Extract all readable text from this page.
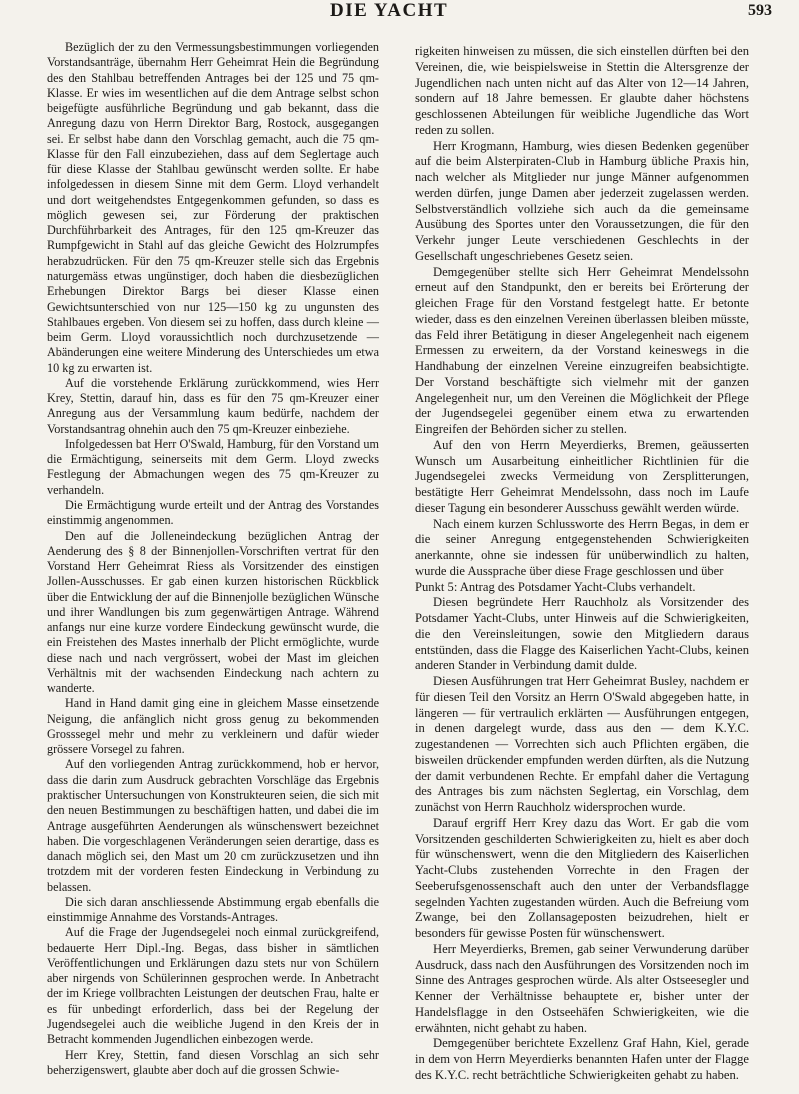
DIE YACHT	593

Bezüglich der zu den Vermessungsbestimmungen vorliegenden Vorstandsanträge, übernahm Herr Geheimrat Hein die Begründung des den Stahlbau betreffenden Antrages bei der 125 und 75 qm-Klasse. Er wies im wesentlichen auf die dem Antrage selbst schon beigefügte ausführliche Begründung und gab bekannt, dass die Anregung dazu von Herrn Direktor Barg, Rostock, ausgegangen sei. Er selbst habe dann den Vorschlag gemacht, auch die 75 qm-Klasse für den Fall einzubeziehen, dass auf dem Seglertage auch für diese Klasse der Stahlbau gewünscht werden sollte. Er habe infolgedessen in diesem Sinne mit dem Germ. Lloyd verhandelt und dort weitgehendstes Entgegenkommen gefunden, so dass es möglich gewesen sei, zur Förderung der praktischen Durchführbarkeit des Antrages, für den 125 qm-Kreuzer das Rumpfgewicht in Stahl auf das gleiche Gewicht des Holzrumpfes herabzudrücken. Für den 75 qm-Kreuzer stelle sich das Ergebnis naturgemäss etwas ungünstiger, doch haben die diesbezüglichen Erhebungen Direktor Bargs bei dieser Klasse einen Gewichtsunterschied von nur 125—150 kg zu ungunsten des Stahlbaues ergeben. Von diesem sei zu hoffen, dass durch kleine — beim Germ. Lloyd voraussichtlich noch durchzusetzende — Abänderungen eine weitere Minderung des Unterschiedes um etwa 10 kg zu erwarten ist.

Auf die vorstehende Erklärung zurückkommend, wies Herr Krey, Stettin, darauf hin, dass es für den 75 qm-Kreuzer einer Anregung aus der Versammlung kaum bedürfe, nachdem der Vorstandsantrag ohnehin auch den 75 qm-Kreuzer einbeziehe.

Infolgedessen bat Herr O'Swald, Hamburg, für den Vorstand um die Ermächtigung, seinerseits mit dem Germ. Lloyd zwecks Festlegung der Abmachungen wegen des 75 qm-Kreuzer zu verhandeln.

Die Ermächtigung wurde erteilt und der Antrag des Vorstandes einstimmig angenommen.

Den auf die Jolleneindeckung bezüglichen Antrag der Aenderung des § 8 der Binnenjollen-Vorschriften vertrat für den Vorstand Herr Geheimrat Riess als Vorsitzender des einstigen Jollen-Ausschusses. Er gab einen kurzen historischen Rückblick über die Entwicklung der auf die Binnenjolle bezüglichen Wünsche und ihrer Wandlungen bis zum gegenwärtigen Antrage. Während anfangs nur eine kurze vordere Eindeckung gewünscht wurde, die ein Freistehen des Mastes innerhalb der Plicht ermöglichte, wurde diese nach und nach vergrössert, wobei der Mast im gleichen Verhältnis mit der wachsenden Eindeckung nach achtern zu wanderte.

Hand in Hand damit ging eine in gleichem Masse einsetzende Neigung, die anfänglich nicht gross genug zu bekommenden Grosssegel mehr und mehr zu verkleinern und dafür wieder grössere Vorsegel zu fahren.

Auf den vorliegenden Antrag zurückkommend, hob er hervor, dass die darin zum Ausdruck gebrachten Vorschläge das Ergebnis praktischer Untersuchungen von Konstrukteuren seien, die sich mit den neuen Bestimmungen zu beschäftigen hatten, und dabei die im Antrage ausgeführten Aenderungen als wünschenswert bezeichnet haben. Die vorgeschlagenen Veränderungen seien derartige, dass es danach möglich sei, den Mast um 20 cm zurückzusetzen und ihn trotzdem mit der vorderen festen Eindeckung in Verbindung zu belassen.

Die sich daran anschliessende Abstimmung ergab ebenfalls die einstimmige Annahme des Vorstands-Antrages.

Auf die Frage der Jugendsegelei noch einmal zurückgreifend, bedauerte Herr Dipl.-Ing. Begas, dass bisher in sämtlichen Veröffentlichungen und Erklärungen dazu stets nur von Schülern aber nirgends von Schülerinnen gesprochen werde. In Anbetracht der im Kriege vollbrachten Leistungen der deutschen Frau, halte er es für unbedingt erforderlich, dass bei der Regelung der Jugendsegelei auch die weibliche Jugend in den Kreis der in Betracht kommenden Jugendlichen einbezogen werde.

Herr Krey, Stettin, fand diesen Vorschlag an sich sehr beherzigenswert, glaubte aber doch auf die grossen Schwie-

rigkeiten hinweisen zu müssen, die sich einstellen dürften bei den Vereinen, die, wie beispielsweise in Stettin die Altersgrenze der Jugendlichen nach unten nicht auf das Alter von 12—14 Jahren, sondern auf 18 Jahre bemessen. Er glaubte daher höchstens geschlossenen Abteilungen für weibliche Jugendliche das Wort reden zu sollen.

Herr Krogmann, Hamburg, wies diesen Bedenken gegenüber auf die beim Alsterpiraten-Club in Hamburg übliche Praxis hin, nach welcher als Mitglieder nur junge Männer aufgenommen werden dürfen, junge Damen aber jederzeit zugelassen werden. Selbstverständlich vollziehe sich auch da die gemeinsame Ausübung des Sportes unter den Voraussetzungen, die für den Verkehr junger Leute verschiedenen Geschlechts in der Gesellschaft ungeschriebenes Gesetz seien.

Demgegenüber stellte sich Herr Geheimrat Mendelssohn erneut auf den Standpunkt, den er bereits bei Erörterung der gleichen Frage für den Vorstand festgelegt hatte. Er betonte wieder, dass es den einzelnen Vereinen überlassen bleiben müsste, das Feld ihrer Betätigung in dieser Angelegenheit nach eigenem Ermessen zu erweitern, da der Vorstand keineswegs in die Handhabung der einzelnen Vereine einzugreifen beabsichtigte. Der Vorstand beschäftigte sich vielmehr mit der ganzen Angelegenheit nur, um den Vereinen die Möglichkeit der Pflege der Jugendsegelei gegenüber einem etwa zu erwartenden Eingreifen der Behörden sicher zu stellen.

Auf den von Herrn Meyerdierks, Bremen, geäusserten Wunsch um Ausarbeitung einheitlicher Richtlinien für die Jugendsegelei zwecks Vermeidung von Zersplitterungen, bestätigte Herr Geheimrat Mendelssohn, dass noch im Laufe dieser Tagung ein besonderer Ausschuss gewählt werden würde.

Nach einem kurzen Schlussworte des Herrn Begas, in dem er die seiner Anregung entgegenstehenden Schwierigkeiten anerkannte, ohne sie indessen für unüberwindlich zu halten, wurde die Aussprache über diese Frage geschlossen und über

Punkt 5: Antrag des Potsdamer Yacht-Clubs verhandelt.

Diesen begründete Herr Rauchholz als Vorsitzender des Potsdamer Yacht-Clubs, unter Hinweis auf die Schwierigkeiten, die den Vereinsleitungen, sowie den Mitgliedern daraus entstünden, dass die Flagge des Kaiserlichen Yacht-Clubs, keinen anderen Stander in Verbindung damit dulde.

Diesen Ausführungen trat Herr Geheimrat Busley, nachdem er für diesen Teil den Vorsitz an Herrn O'Swald abgegeben hatte, in längeren — für vertraulich erklärten — Ausführungen entgegen, in denen dargelegt wurde, dass aus den — dem K.Y.C. zugestandenen — Vorrechten sich auch Pflichten ergäben, die bisweilen drückender empfunden werden dürften, als die Nutzung der damit verbundenen Rechte. Er empfahl daher die Vertagung des Antrages bis zum nächsten Seglertag, ein Vorschlag, dem zunächst von Herrn Rauchholz widersprochen wurde.

Darauf ergriff Herr Krey dazu das Wort. Er gab die vom Vorsitzenden geschilderten Schwierigkeiten zu, hielt es aber doch für wünschenswert, wenn die den Mitgliedern des Kaiserlichen Yacht-Clubs zustehenden Vorrechte in den Fragen der Seeberufsgenossenschaft auch den unter der Verbandsflagge segelnden Yachten zugestanden würden. Auch die Befreiung vom Zwange, bei den Zollansageposten beizudrehen, hielt er besonders für gewisse Posten für wünschenswert.

Herr Meyerdierks, Bremen, gab seiner Verwunderung darüber Ausdruck, dass nach den Ausführungen des Vorsitzenden noch im Sinne des Antrages gesprochen würde. Als alter Ostseesegler und Kenner der Verhältnisse behauptete er, bisher unter der Handelsflagge in den Ostseehäfen Schwierigkeiten, wie die erwähnten, nicht gehabt zu haben.

Demgegenüber berichtete Exzellenz Graf Hahn, Kiel, gerade in dem von Herrn Meyerdierks benannten Hafen unter der Flagge des K.Y.C. recht beträchtliche Schwierigkeiten gehabt zu haben.
